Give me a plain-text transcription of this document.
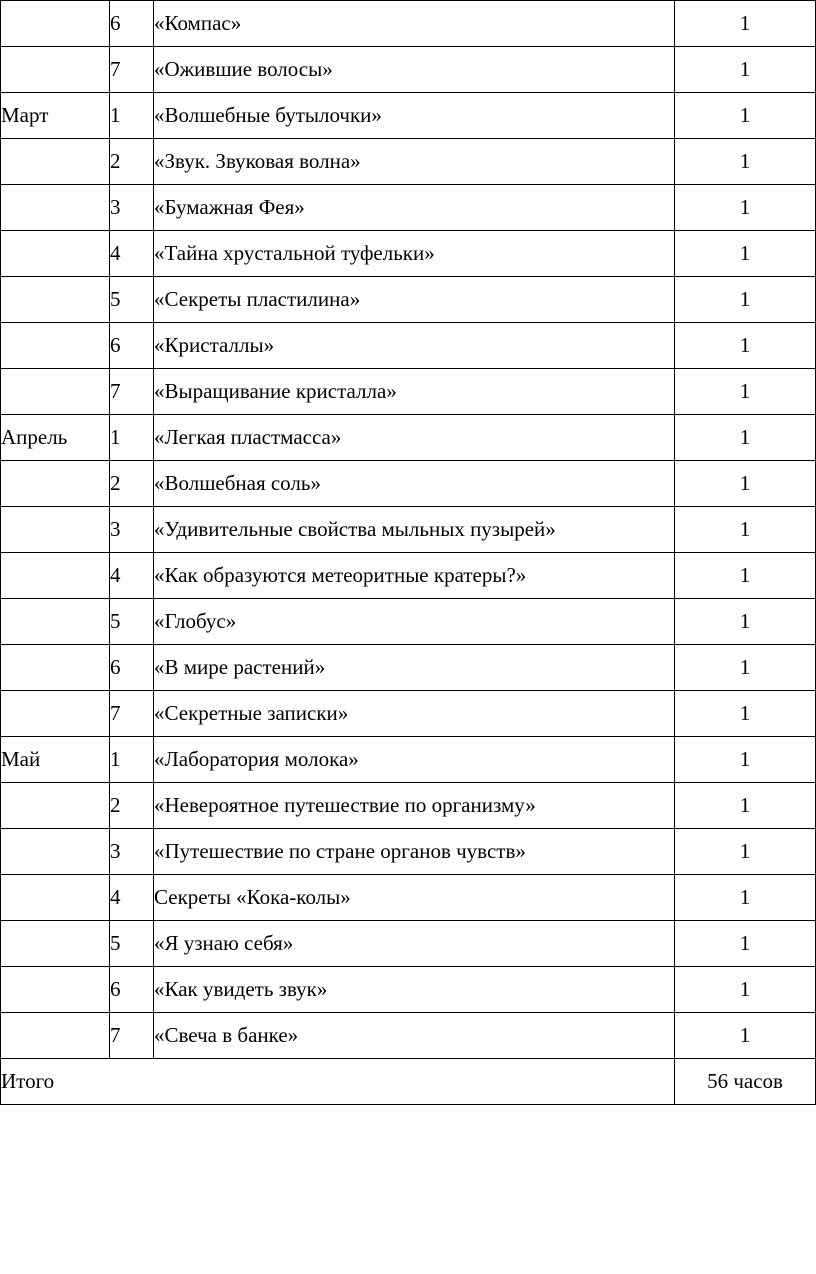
	6	«Компас»	1
	7	«Ожившие волосы»	1
Март	1	«Волшебные бутылочки»	1
	2	«Звук. Звуковая волна»	1
	3	«Бумажная Фея»	1
	4	«Тайна хрустальной туфельки»	1
	5	«Секреты пластилина»	1
	6	«Кристаллы»	1
	7	«Выращивание кристалла»	1
Апрель	1	«Легкая пластмасса»	1
	2	«Волшебная соль»	1
	3	«Удивительные свойства мыльных пузырей»	1
	4	«Как образуются метеоритные кратеры?»	1
	5	«Глобус»	1
	6	«В мире растений»	1
	7	«Секретные записки»	1
Май	1	«Лаборатория молока»	1
	2	«Невероятное путешествие по организму»	1
	3	«Путешествие по стране органов чувств»	1
	4	Секреты «Кока-колы»	1
	5	«Я узнаю себя»	1
	6	«Как увидеть звук»	1
	7	«Свеча в банке»	1
Итого			56 часов
